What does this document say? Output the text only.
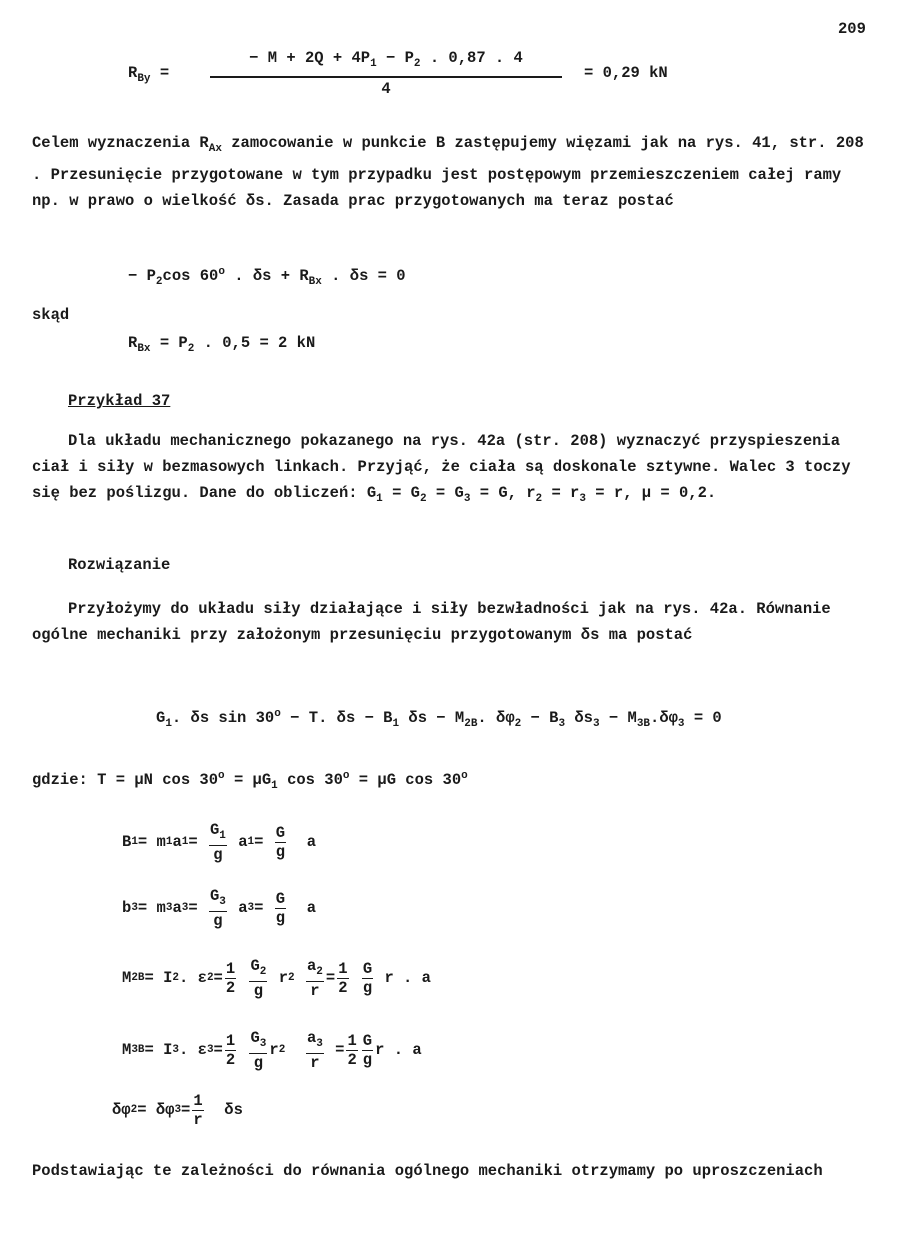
209
$R_{By}$ =	$\frac{- M + 2Q + 4P_1 - P_2 . 0,87 . 4}{4} = 0,29$ kN
Celem wyznaczenia $R_{Ax}$ zamocowanie w punkcie B zastępujemy więzami jak na rys. 41, str. 208 . Przesunięcie przygotowane w tym przypadku jest postępowym przemieszczeniem całej ramy np. w prawo o wielkość δs. Zasada prac przygotowanych ma teraz postać
− $P_2\cos$ 60$^o$ . $\delta s + R_{Bx}$ . δs = 0
skąd
$R_{Bx} = P_2$ . 0,5 = 2 kN
Przykład 37
Dla układu mechanicznego pokazanego na rys. 42a (str. 208) wyznaczyć przyspieszenia ciał i siły w bezmasowych linkach. Przyjąć, że ciała są doskonale sztywne. Walec 3 toczy się bez poślizgu. Dane do obliczeń: $G_1 = G_2 = G_3 = G$, $r_2 = r_3 = r$, μ = 0,2.
Rozwiązanie
Przyłożymy do układu siły działające i siły bezwładności jak na rys. 42a. Równanie ogólne mechaniki przy założonym przesunięciu przygotowanym δs ma postać
$G_1$. δs $\sin 30^o - T$. $\delta s - B_1$ $\delta s - M_{2B}$. $\delta\varphi_2 - B_3$ $\delta s_3 - M_{3B}.\delta\varphi_3 = 0$
gdzie: T = μN $\cos 30^o = \mu G_1$ $\cos 30^o = \mu G$ cos 30$^o$
B 1 = m 1 a 1 =
$\frac{G_1}{g}$
a 1 =
$\frac{G}{g}$
a
b 3 = m 3 a 3 =
$\frac{G_3}{g}$
a 3 =
$\frac{G}{g}$
a
M 2B = I 2 . ε $2 = \frac{1}{2}$
$\frac{G_2}{g}$
r 2
$\frac{a_2}{r} = \frac{1}{2}$
$\frac{G}{g}$
r . a
M 3B = I 3 . ε $3 = \frac{1}{2}$
$\frac{G_3}{g}$ r 2
$\frac{a_3}{r}$
= $\frac{1}{2} \frac{G}{g}$ r . a
δφ 2 = δφ $3 = \frac{1}{r}$
δs
Podstawiając te zależności do równania ogólnego mechaniki otrzymamy po uproszczeniach
